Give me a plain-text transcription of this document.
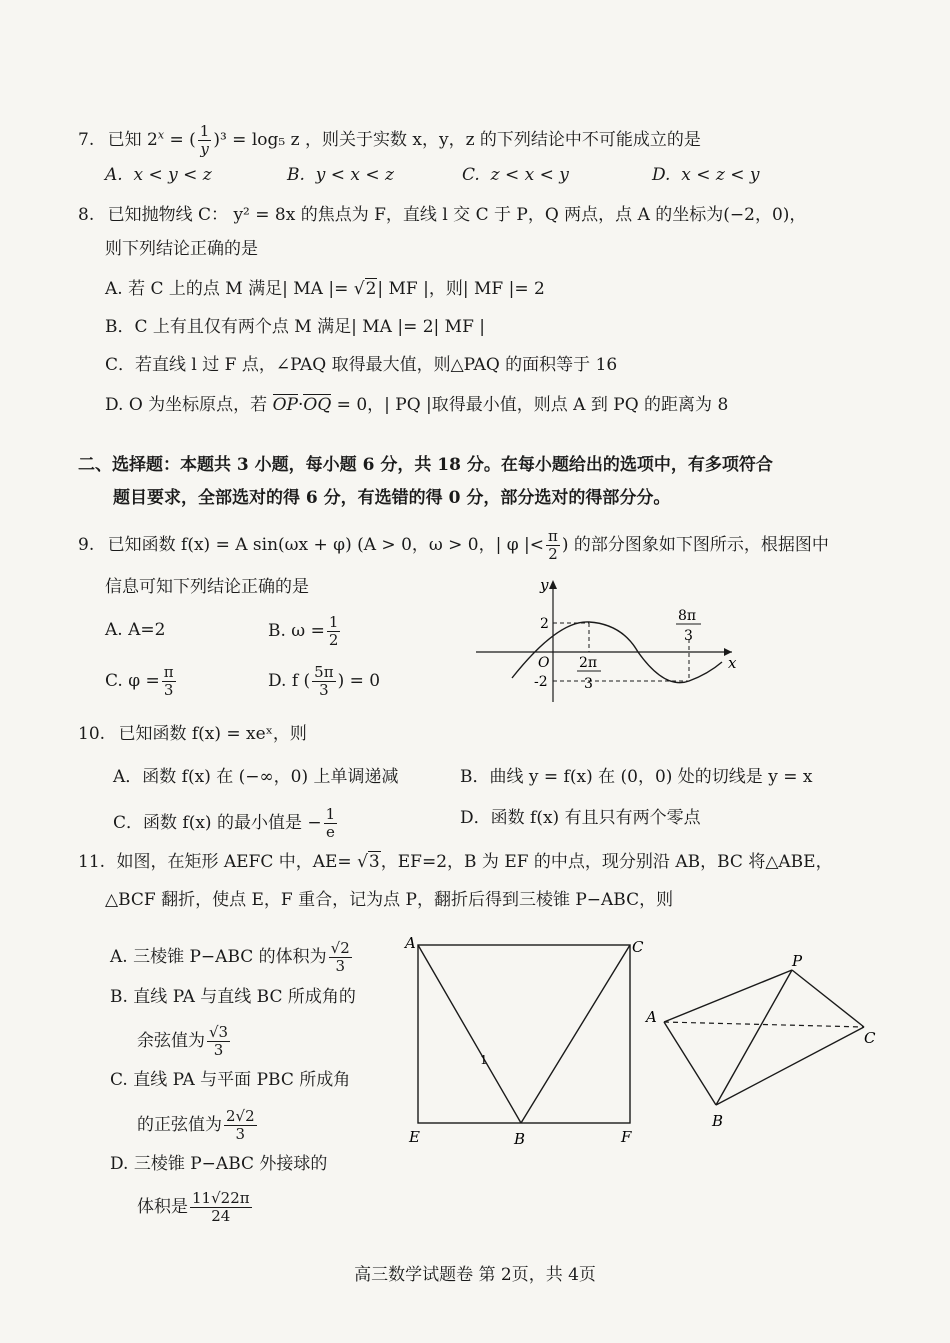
7. 已知 $2^x$ = ( $\frac{1}{y} )^3 = \log_5$ z ，则关于实数 x，y，z 的下列结论中不可能成立的是
A. x < y < z	B. y < x < z	C. z < x < y	D. x < z < y
8. 已知抛物线 C： y² = 8x 的焦点为 F，直线 l 交 C 于 P，Q 两点，点 A 的坐标为(−2，0)，
则下列结论正确的是
A. 若 C 上的点 M 满足| MA |= √2| MF |，则| MF |= 2
B．C 上有且仅有两个点 M 满足| MA |= 2| MF |
C．若直线 l 过 F 点，∠PAQ 取得最大值，则△PAQ 的面积等于 16
D. O 为坐标原点，若 OP·OQ = 0，| PQ |取得最小值，则点 A 到 PQ 的距离为 8
二、选择题：本题共 3 小题，每小题 6 分，共 18 分。在每小题给出的选项中，有多项符合
题目要求，全部选对的得 6 分，有选错的得 0 分，部分选对的得部分分。
9. 已知函数 f(x) = A sin(ωx + φ) (A > 0，ω > 0，| φ |< $\frac{\pi}{2}$ ) 的部分图象如下图所示，根据图中
信息可知下列结论正确的是
A. A=2	B. $\omega = \frac{1}{2}$
C. $\varphi = \frac{\pi}{3}$	D. f ( $\frac{5\pi}{3}$ ) = 0
y
x
O
2
-2
2π
3
8π
3
10. 已知函数 f(x) = xeˣ，则
A．函数 f(x) 在 (−∞，0) 上单调递减	B．曲线 y = f(x) 在 (0，0) 处的切线是 y = x
C．函数 f(x) 的最小值是 − $\frac{1}{e}$	D．函数 f(x) 有且只有两个零点
11. 如图，在矩形 AEFC 中，AE= √3，EF=2，B 为 EF 的中点，现分别沿 AB，BC 将△ABE，
△BCF 翻折，使点 E，F 重合，记为点 P，翻折后得到三棱锥 P−ABC，则
A. 三棱锥 P−ABC 的体积为 $\frac{√2}{3}$
B. 直线 PA 与直线 BC 所成角的
余弦值为 $\frac{√3}{3}$
C. 直线 PA 与平面 PBC 所成角
的正弦值为 $\frac{2√2}{3}$
D. 三棱锥 P−ABC 外接球的
体积是 $\frac{11√22\pi}{24}$
A	C
E	B	F
1
P
A
C
B
高三数学试题卷 第 2页，共 4页
